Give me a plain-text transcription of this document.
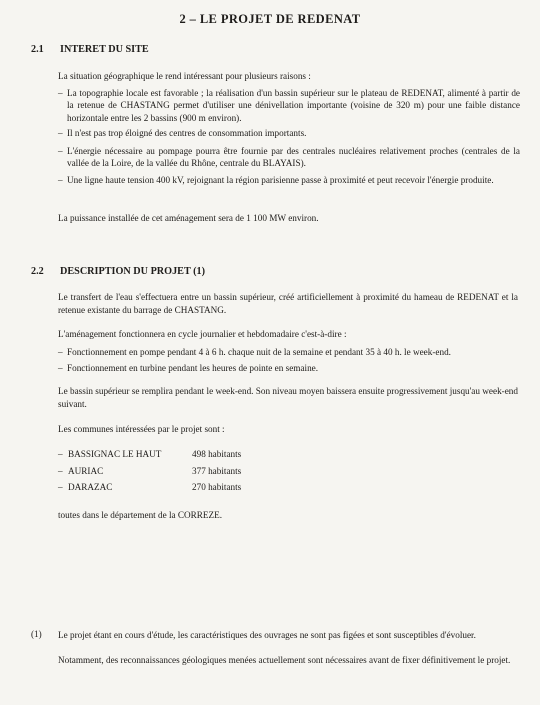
2 – LE PROJET DE REDENAT
2.1 INTERET DU SITE
La situation géographique le rend intéressant pour plusieurs raisons :
– La topographie locale est favorable ; la réalisation d'un bassin supérieur sur le plateau de REDENAT, alimenté à partir de la retenue de CHASTANG permet d'utiliser une dénivellation importante (voisine de 320 m) pour une faible distance horizontale entre les 2 bassins (900 m environ).
– Il n'est pas trop éloigné des centres de consommation importants.
– L'énergie nécessaire au pompage pourra être fournie par des centrales nucléaires relativement proches (centrales de la vallée de la Loire, de la vallée du Rhône, centrale du BLAYAIS).
– Une ligne haute tension 400 kV, rejoignant la région parisienne passe à proximité et peut recevoir l'énergie produite.
La puissance installée de cet aménagement sera de 1 100 MW environ.
2.2 DESCRIPTION DU PROJET (1)
Le transfert de l'eau s'effectuera entre un bassin supérieur, créé artificiellement à proximité du hameau de REDENAT et la retenue existante du barrage de CHASTANG.
L'aménagement fonctionnera en cycle journalier et hebdomadaire c'est-à-dire :
– Fonctionnement en pompe pendant 4 à 6 h. chaque nuit de la semaine et pendant 35 à 40 h. le week-end.
– Fonctionnement en turbine pendant les heures de pointe en semaine.
Le bassin supérieur se remplira pendant le week-end. Son niveau moyen baissera ensuite progressivement jusqu'au week-end suivant.
Les communes intéressées par le projet sont :
– BASSIGNAC LE HAUT	498 habitants
– AURIAC	377 habitants
– DARAZAC	270 habitants
toutes dans le département de la CORREZE.
(1) Le projet étant en cours d'étude, les caractéristiques des ouvrages ne sont pas figées et sont susceptibles d'évoluer.
Notamment, des reconnaissances géologiques menées actuellement sont nécessaires avant de fixer définitivement le projet.
